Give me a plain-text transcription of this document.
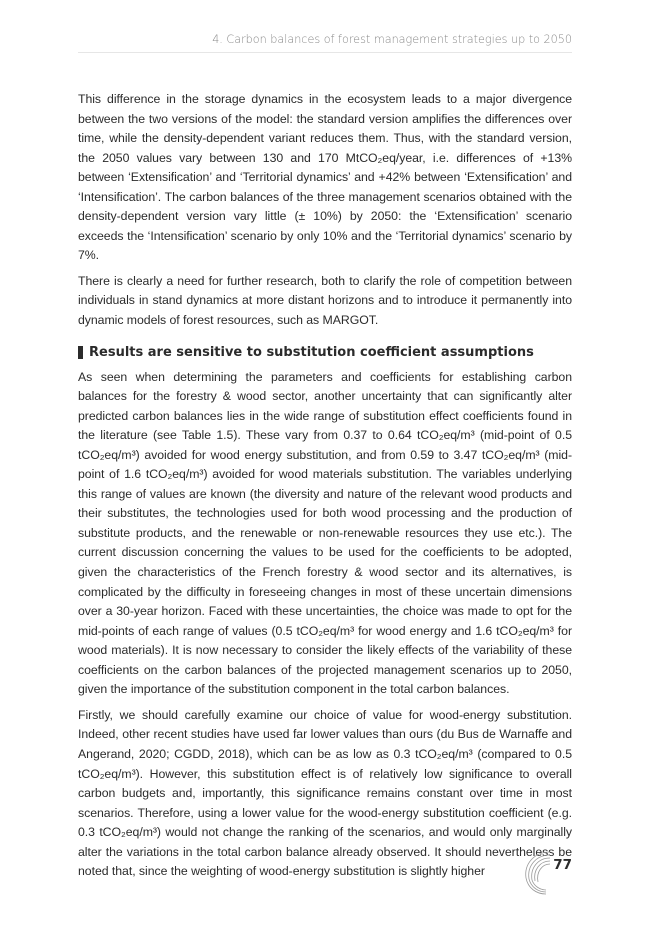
4. Carbon balances of forest management strategies up to 2050

This difference in the storage dynamics in the ecosystem leads to a major divergence between the two versions of the model: the standard version amplifies the differences over time, while the density-dependent variant reduces them. Thus, with the standard version, the 2050 values vary between 130 and 170 MtCO₂eq/year, i.e. differences of +13% between ‘Extensification’ and ‘Territorial dynamics’ and +42% between ‘Extensification’ and ‘Intensification’. The carbon balances of the three management scenarios obtained with the density-dependent version vary little (± 10%) by 2050: the ‘Extensification’ scenario exceeds the ‘Intensification’ scenario by only 10% and the ‘Territorial dynamics’ scenario by 7%.

There is clearly a need for further research, both to clarify the role of competition between individuals in stand dynamics at more distant horizons and to introduce it permanently into dynamic models of forest resources, such as MARGOT.

Results are sensitive to substitution coefficient assumptions

As seen when determining the parameters and coefficients for establishing carbon balances for the forestry & wood sector, another uncertainty that can significantly alter predicted carbon balances lies in the wide range of substitution effect coefficients found in the literature (see Table 1.5). These vary from 0.37 to 0.64 tCO₂eq/m³ (mid-point of 0.5 tCO₂eq/m³) avoided for wood energy substitution, and from 0.59 to 3.47 tCO₂eq/m³ (mid-point of 1.6 tCO₂eq/m³) avoided for wood materials substitution. The variables underlying this range of values are known (the diversity and nature of the relevant wood products and their substitutes, the technologies used for both wood processing and the production of substitute products, and the renewable or non-renewable resources they use etc.). The current discussion concerning the values to be used for the coefficients to be adopted, given the characteristics of the French forestry & wood sector and its alternatives, is complicated by the difficulty in foreseeing changes in most of these uncertain dimensions over a 30-year horizon. Faced with these uncertainties, the choice was made to opt for the mid-points of each range of values (0.5 tCO₂eq/m³ for wood energy and 1.6 tCO₂eq/m³ for wood materials). It is now necessary to consider the likely effects of the variability of these coefficients on the carbon balances of the projected management scenarios up to 2050, given the importance of the substitution component in the total carbon balances.

Firstly, we should carefully examine our choice of value for wood-energy substitution. Indeed, other recent studies have used far lower values than ours (du Bus de Warnaffe and Angerand, 2020; CGDD, 2018), which can be as low as 0.3 tCO₂eq/m³ (compared to 0.5 tCO₂eq/m³). However, this substitution effect is of relatively low significance to overall carbon budgets and, importantly, this significance remains constant over time in most scenarios. Therefore, using a lower value for the wood-energy substitution coefficient (e.g. 0.3 tCO₂eq/m³) would not change the ranking of the scenarios, and would only marginally alter the variations in the total carbon balance already observed. It should nevertheless be noted that, since the weighting of wood-energy substitution is slightly higher	77
